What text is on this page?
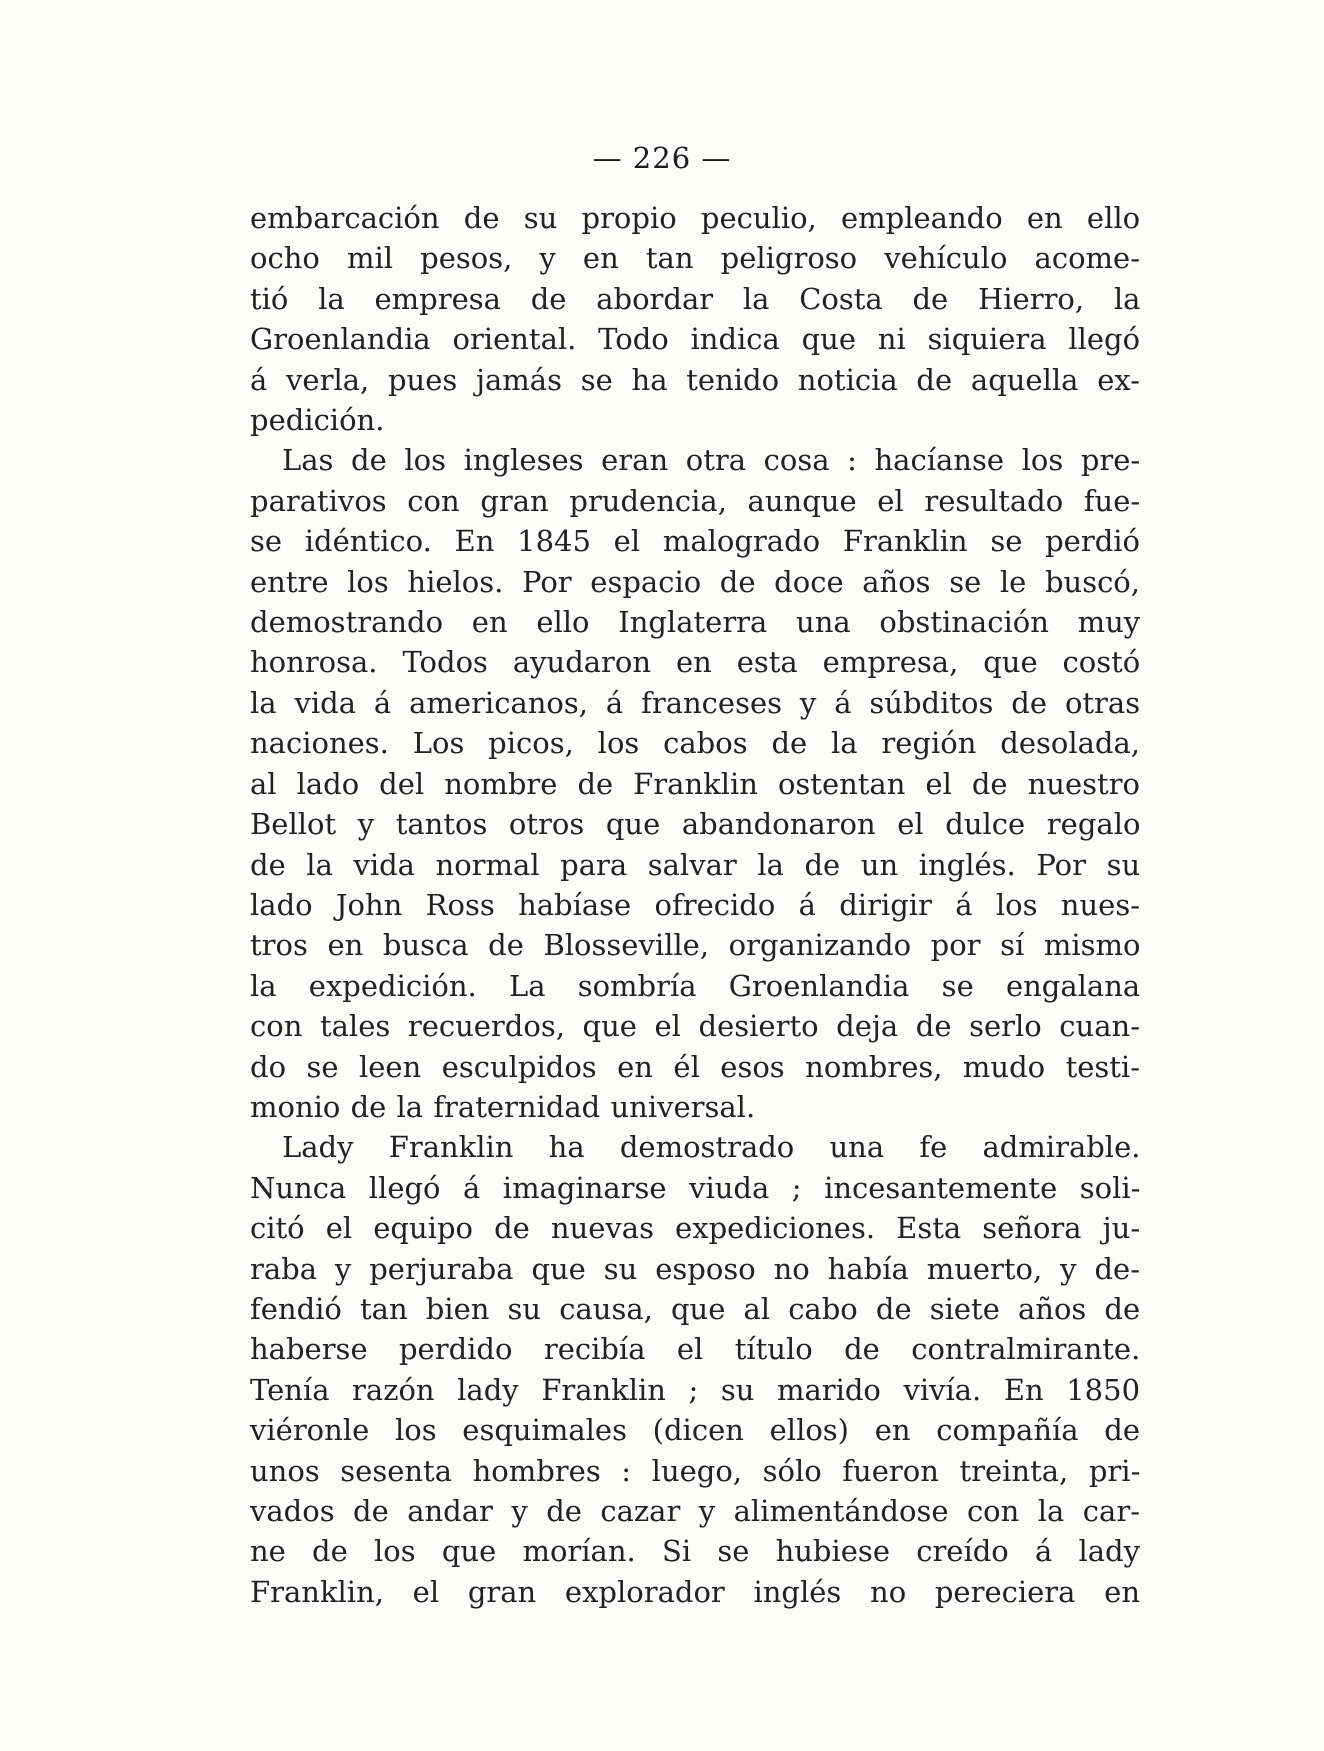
— 226 —

embarcación de su propio peculio, empleando en ello
ocho mil pesos, y en tan peligroso vehículo acome-
tió la empresa de abordar la Costa de Hierro, la
Groenlandia oriental. Todo indica que ni siquiera llegó
á verla, pues jamás se ha tenido noticia de aquella ex-
pedición.

Las de los ingleses eran otra cosa : hacíanse los pre-
parativos con gran prudencia, aunque el resultado fue-
se idéntico. En 1845 el malogrado Franklin se perdió
entre los hielos. Por espacio de doce años se le buscó,
demostrando en ello Inglaterra una obstinación muy
honrosa. Todos ayudaron en esta empresa, que costó
la vida á americanos, á franceses y á súbditos de otras
naciones. Los picos, los cabos de la región desolada,
al lado del nombre de Franklin ostentan el de nuestro
Bellot y tantos otros que abandonaron el dulce regalo
de la vida normal para salvar la de un inglés. Por su
lado John Ross habíase ofrecido á dirigir á los nues-
tros en busca de Blosseville, organizando por sí mismo
la expedición. La sombría Groenlandia se engalana
con tales recuerdos, que el desierto deja de serlo cuan-
do se leen esculpidos en él esos nombres, mudo testi-
monio de la fraternidad universal.

Lady Franklin ha demostrado una fe admirable.
Nunca llegó á imaginarse viuda ; incesantemente soli-
citó el equipo de nuevas expediciones. Esta señora ju-
raba y perjuraba que su esposo no había muerto, y de-
fendió tan bien su causa, que al cabo de siete años de
haberse perdido recibía el título de contralmirante.
Tenía razón lady Franklin ; su marido vivía. En 1850
viéronle los esquimales (dicen ellos) en compañía de
unos sesenta hombres : luego, sólo fueron treinta, pri-
vados de andar y de cazar y alimentándose con la car-
ne de los que morían. Si se hubiese creído á lady
Franklin, el gran explorador inglés no pereciera en
